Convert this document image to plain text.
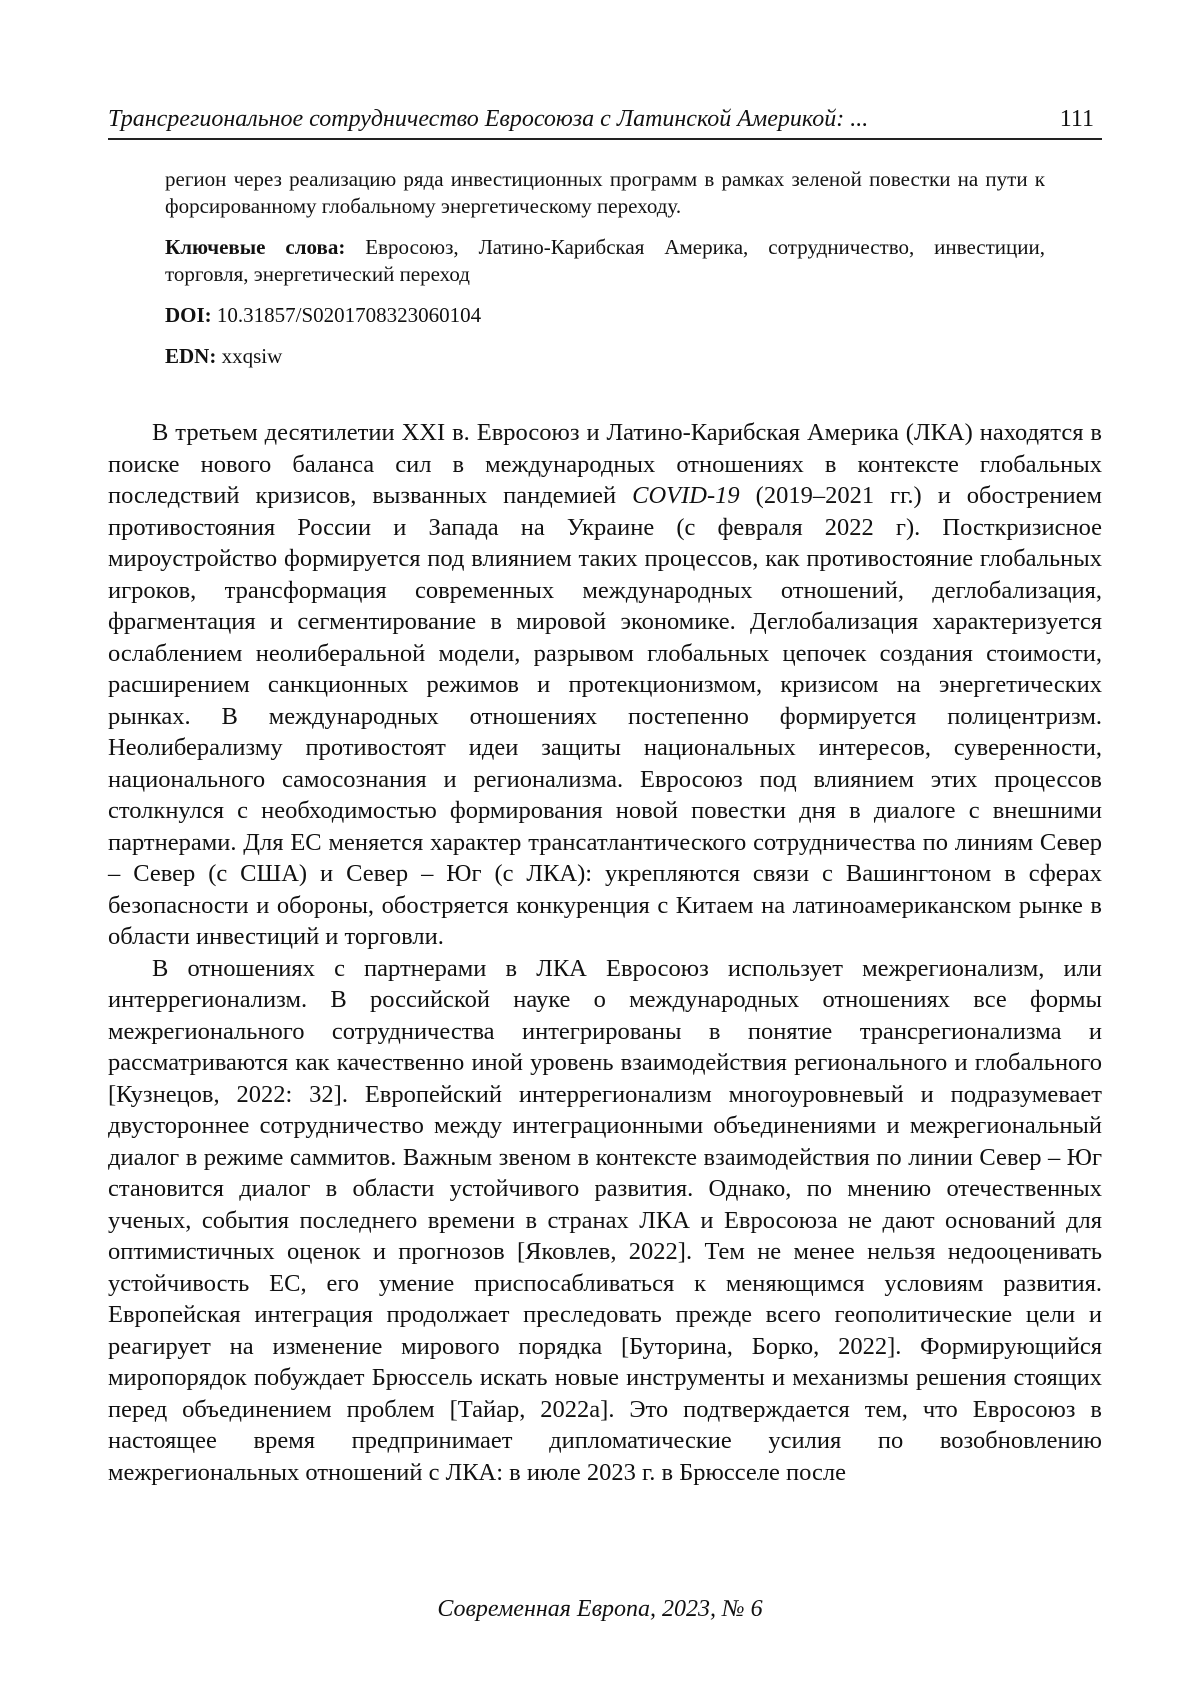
Трансрегиональное сотрудничество Евросоюза с Латинской Америкой: ...	111

регион через реализацию ряда инвестиционных программ в рамках зеленой повестки на пути к форсированному глобальному энергетическому переходу.

Ключевые слова: Евросоюз, Латино-Карибская Америка, сотрудничество, инвестиции, торговля, энергетический переход

DOI: 10.31857/S0201708323060104

EDN: xxqsiw

В третьем десятилетии XXI в. Евросоюз и Латино-Карибская Америка (ЛКА) находятся в поиске нового баланса сил в международных отношениях в контексте глобальных последствий кризисов, вызванных пандемией COVID-19 (2019–2021 гг.) и обострением противостояния России и Запада на Украине (с февраля 2022 г). Посткризисное мироустройство формируется под влиянием таких процессов, как противостояние глобальных игроков, трансформация современных международных отношений, деглобализация, фрагментация и сегментирование в мировой экономике. Деглобализация характеризуется ослаблением неолиберальной модели, разрывом глобальных цепочек создания стоимости, расширением санкционных режимов и протекционизмом, кризисом на энергетических рынках. В международных отношениях постепенно формируется полицентризм. Неолиберализму противостоят идеи защиты национальных интересов, суверенности, национального самосознания и регионализма. Евросоюз под влиянием этих процессов столкнулся с необходимостью формирования новой повестки дня в диалоге с внешними партнерами. Для ЕС меняется характер трансатлантического сотрудничества по линиям Север – Север (с США) и Север – Юг (с ЛКА): укрепляются связи с Вашингтоном в сферах безопасности и обороны, обостряется конкуренция с Китаем на латиноамериканском рынке в области инвестиций и торговли.

В отношениях с партнерами в ЛКА Евросоюз использует межрегионализм, или интеррегионализм. В российской науке о международных отношениях все формы межрегионального сотрудничества интегрированы в понятие трансрегионализма и рассматриваются как качественно иной уровень взаимодействия регионального и глобального [Кузнецов, 2022: 32]. Европейский интеррегионализм многоуровневый и подразумевает двустороннее сотрудничество между интеграционными объединениями и межрегиональный диалог в режиме саммитов. Важным звеном в контексте взаимодействия по линии Север – Юг становится диалог в области устойчивого развития. Однако, по мнению отечественных ученых, события последнего времени в странах ЛКА и Евросоюза не дают оснований для оптимистичных оценок и прогнозов [Яковлев, 2022]. Тем не менее нельзя недооценивать устойчивость ЕС, его умение приспосабливаться к меняющимся условиям развития. Европейская интеграция продолжает преследовать прежде всего геополитические цели и реагирует на изменение мирового порядка [Буторина, Борко, 2022]. Формирующийся миропорядок побуждает Брюссель искать новые инструменты и механизмы решения стоящих перед объединением проблем [Тайар, 2022а]. Это подтверждается тем, что Евросоюз в настоящее время предпринимает дипломатические усилия по возобновлению межрегиональных отношений с ЛКА: в июле 2023 г. в Брюсселе после

Современная Европа, 2023, № 6
